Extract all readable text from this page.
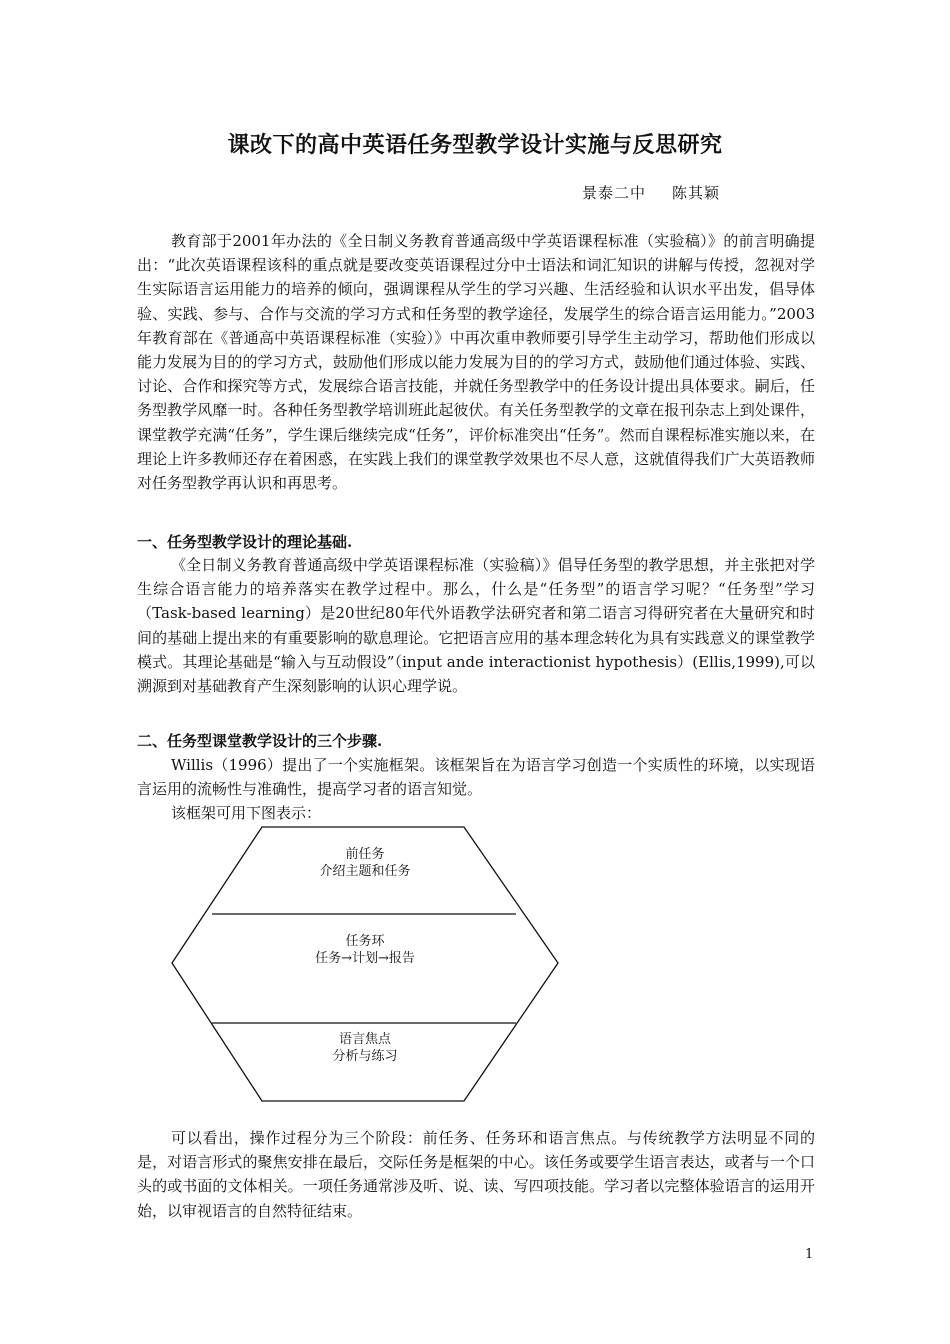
课改下的高中英语任务型教学设计实施与反思研究
景泰二中 陈其颖

教育部于2001年办法的《全日制义务教育普通高级中学英语课程标准（实验稿）》的前言明确提出：“此次英语课程该科的重点就是要改变英语课程过分中士语法和词汇知识的讲解与传授，忽视对学生实际语言运用能力的培养的倾向，强调课程从学生的学习兴趣、生活经验和认识水平出发，倡导体验、实践、参与、合作与交流的学习方式和任务型的教学途径，发展学生的综合语言运用能力。”2003年教育部在《普通高中英语课程标准（实验）》中再次重申教师要引导学生主动学习，帮助他们形成以能力发展为目的的学习方式，鼓励他们形成以能力发展为目的的学习方式，鼓励他们通过体验、实践、讨论、合作和探究等方式，发展综合语言技能，并就任务型教学中的任务设计提出具体要求。嗣后，任务型教学风靡一时。各种任务型教学培训班此起彼伏。有关任务型教学的文章在报刊杂志上到处课件，课堂教学充满“任务”，学生课后继续完成“任务”，评价标准突出“任务”。然而自课程标准实施以来，在理论上许多教师还存在着困惑，在实践上我们的课堂教学效果也不尽人意，这就值得我们广大英语教师对任务型教学再认识和再思考。

一、任务型教学设计的理论基础.

《全日制义务教育普通高级中学英语课程标准（实验稿）》倡导任务型的教学思想，并主张把对学生综合语言能力的培养落实在教学过程中。那么，什么是“任务型”的语言学习呢？“任务型”学习（Task-based learning）是20世纪80年代外语教学法研究者和第二语言习得研究者在大量研究和时间的基础上提出来的有重要影响的歇息理论。它把语言应用的基本理念转化为具有实践意义的课堂教学模式。其理论基础是“输入与互动假设”（input ande interactionist hypothesis）(Ellis,1999),可以溯源到对基础教育产生深刻影响的认识心理学说。

二、任务型课堂教学设计的三个步骤.

Willis（1996）提出了一个实施框架。该框架旨在为语言学习创造一个实质性的环境，以实现语言运用的流畅性与准确性，提高学习者的语言知觉。

该框架可用下图表示：

前任务
介绍主题和任务
任务环
任务→计划→报告
语言焦点
分析与练习

可以看出，操作过程分为三个阶段：前任务、任务环和语言焦点。与传统教学方法明显不同的是，对语言形式的聚焦安排在最后，交际任务是框架的中心。该任务或要学生语言表达，或者与一个口头的或书面的文体相关。一项任务通常涉及听、说、读、写四项技能。学习者以完整体验语言的运用开始，以审视语言的自然特征结束。

1
